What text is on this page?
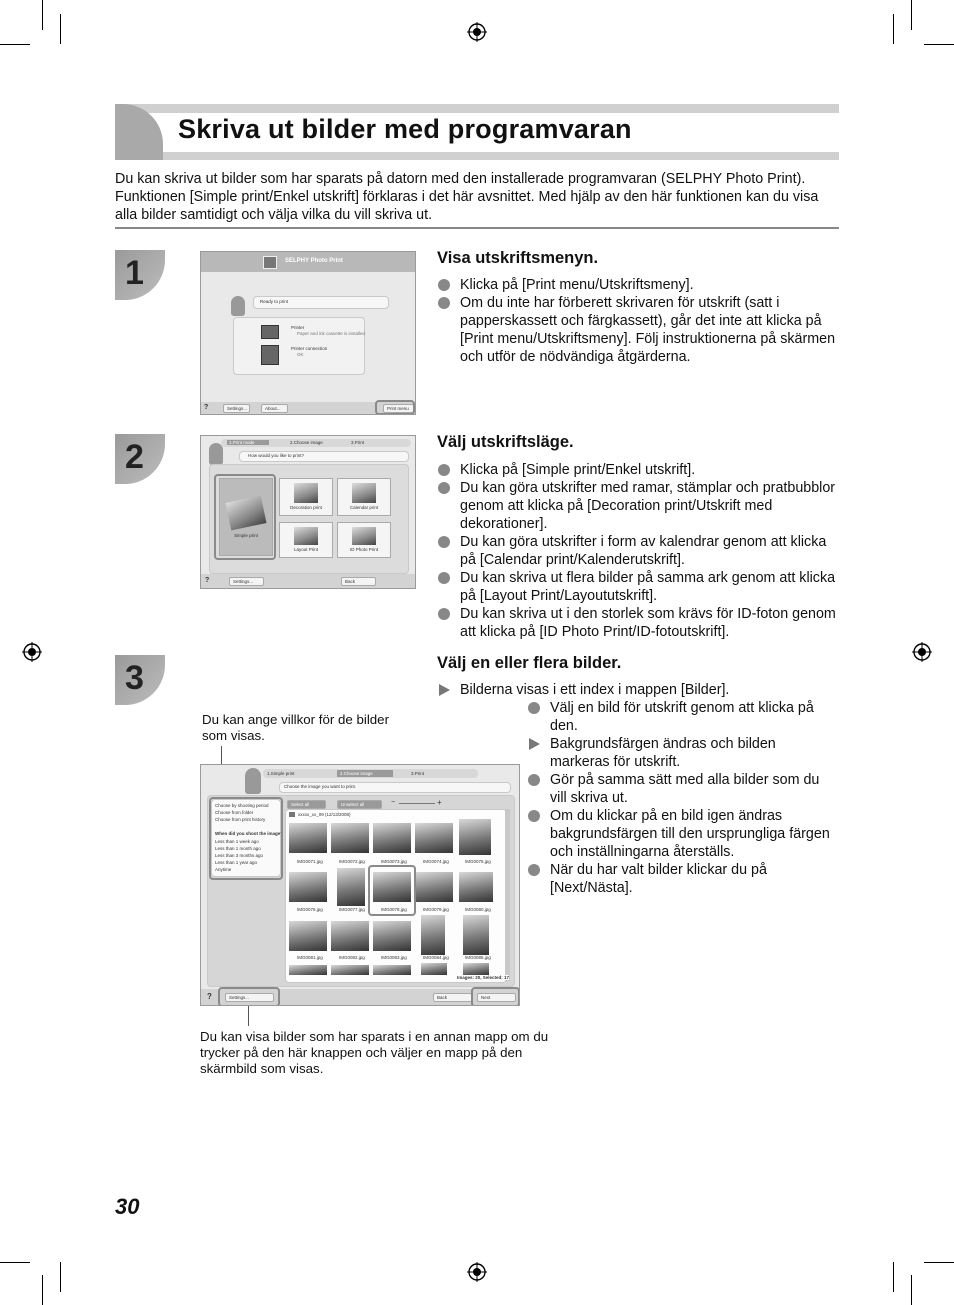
Skriva ut bilder med programvaran
Du kan skriva ut bilder som har sparats på datorn med den installerade programvaran (SELPHY Photo Print). Funktionen [Simple print/Enkel utskrift] förklaras i det här avsnittet. Med hjälp av den här funktionen kan du visa alla bilder samtidigt och välja vilka du vill skriva ut.
1	SELPHY Photo Print
Ready to print
Printer
Paper and ink cassette is installed
Printer connection
OK
?	Settings...	About...	Print menu
Visa utskriftsmenyn.
Klicka på [Print menu/Utskriftsmeny].
Om du inte har förberett skrivaren för utskrift (satt i papperskassett och färgkassett), går det inte att klicka på [Print menu/Utskriftsmeny]. Följ instruktionerna på skärmen och utför de nödvändiga åtgärderna.
2	1.Print mode	2.Choose image	3.Print
How would you like to print?
Simple print
Decoration print	Calendar print
Layout Print	ID Photo Print
?	Settings...	Back
Välj utskriftsläge.
Klicka på [Simple print/Enkel utskrift].
Du kan göra utskrifter med ramar, stämplar och pratbubblor genom att klicka på [Decoration print/Utskrift med dekorationer].
Du kan göra utskrifter i form av kalendrar genom att klicka på [Calendar print/Kalenderutskrift].
Du kan skriva ut flera bilder på samma ark genom att klicka på [Layout Print/Layoututskrift].
Du kan skriva ut i den storlek som krävs för ID-foton genom att klicka på [ID Photo Print/ID-fotoutskrift].
3	Välj en eller flera bilder.
Bilderna visas i ett index i mappen [Bilder].
Välj en bild för utskrift genom att klicka på den.
Bakgrundsfärgen ändras och bilden markeras för utskrift.
Gör på samma sätt med alla bilder som du vill skriva ut.
Om du klickar på en bild igen ändras bakgrundsfärgen till den ursprungliga färgen och inställningarna återställs.
När du har valt bilder klickar du på [Next/Nästa].
Du kan ange villkor för de bilder som visas.
Du kan visa bilder som har sparats i en annan mapp om du trycker på den här knappen och väljer en mapp på den skärmbild som visas.
1.Simple print	2.Choose image	3.Print
Choose the image you want to print.
Choose by shooting period
Choose from folder
Choose from print history
When did you shoot the image?
Less than 1 week ago
Less than 1 month ago
Less than 3 months ago
Less than 1 year ago
Anytime
Select all	Unselect all	−	+
xxxxx_xx_09 (12/13/2008)
IMG0071.jpg	IMG0072.jpg	IMG0073.jpg	IMG0074.jpg	IMG0075.jpg
IMG0076.jpg	IMG0077.jpg	IMG0078.jpg	IMG0079.jpg	IMG0080.jpg
IMG0081.jpg	IMG0082.jpg	IMG0083.jpg	IMG0084.jpg	IMG0085.jpg
Images: 20, Selected: 17
?	Settings...	Back	Next
30
